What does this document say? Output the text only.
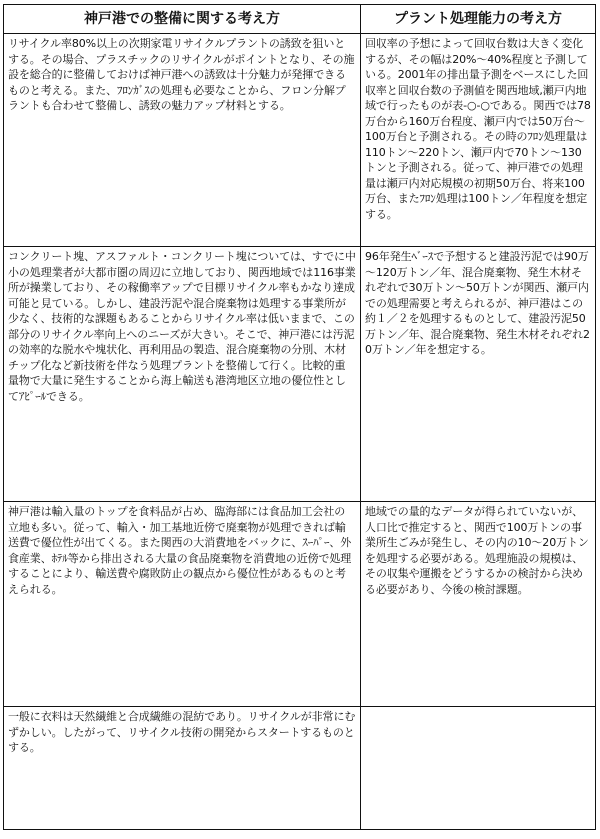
神戸港での整備に関する考え方	プラント処理能力の考え方

リサイクル率80%以上の次期家電リサイクルプラントの誘致を狙いとする。その場合、プラスチックのリサイクルがポイントとなり、その施設を総合的に整備しておけば神戸港への誘致は十分魅力が発揮できるものと考える。また、ﾌﾛﾝｶﾞｽの処理も必要なことから、フロン分解プラントも合わせて整備し、誘致の魅力アップ材料とする。	回収率の予想によって回収台数は大きく変化するが、その幅は20%～40%程度と予測している。2001年の排出量予測をベースにした回収率と回収台数の予測値を関西地域,瀬戸内地域で行ったものが表-○-○である。関西では78万台から160万台程度、瀬戸内では50万台～100万台と予測される。その時のﾌﾛﾝ処理量は110トン～220トン、瀬戸内で70トン～130トンと予測される。従って、神戸港での処理量は瀬戸内対応規模の初期50万台、将来100万台、またﾌﾛﾝ処理は100トン／年程度を想定する。

コンクリート塊、アスファルト・コンクリート塊については、すでに中小の処理業者が大都市圏の周辺に立地しており、関西地域では116事業所が操業しており、その稼働率アップで目標リサイクル率もかなり達成可能と見ている。しかし、建設汚泥や混合廃棄物は処理する事業所が少なく、技術的な課題もあることからリサイクル率は低いままで、この部分のリサイクル率向上へのニーズが大きい。そこで、神戸港には汚泥の効率的な脱水や塊状化、再利用品の製造、混合廃棄物の分別、木材チップ化など新技術を伴なう処理プラントを整備して行く。比較的重量物で大量に発生することから海上輸送も港湾地区立地の優位性としてｱﾋﾟｰﾙできる。	96年発生ﾍﾞｰｽで予想すると建設汚泥では90万～120万トン／年、混合廃棄物、発生木材それぞれで30万トン～50万トンが関西、瀬戸内での処理需要と考えられるが、神戸港はこの約１／２を処理するものとして、建設汚泥50万トン／年、混合廃棄物、発生木材それぞれ20万トン／年を想定する。

神戸港は輸入量のトップを食料品が占め、臨海部には食品加工会社の立地も多い。従って、輸入・加工基地近傍で廃棄物が処理できれば輸送費で優位性が出てくる。また関西の大消費地をバックに、ｽｰﾊﾟｰ、外食産業、ﾎﾃﾙ等から排出される大量の食品廃棄物を消費地の近傍で処理することにより、輸送費や腐敗防止の観点から優位性があるものと考えられる。	地域での量的なデータが得られていないが、人口比で推定すると、関西で100万トンの事業所生ごみが発生し、その内の10～20万トンを処理する必要がある。処理施設の規模は、その収集や運搬をどうするかの検討から決める必要があり、今後の検討課題。

一般に衣料は天然繊維と合成繊維の混紡であり。リサイクルが非常にむずかしい。したがって、リサイクル技術の開発からスタートするものとする。	
